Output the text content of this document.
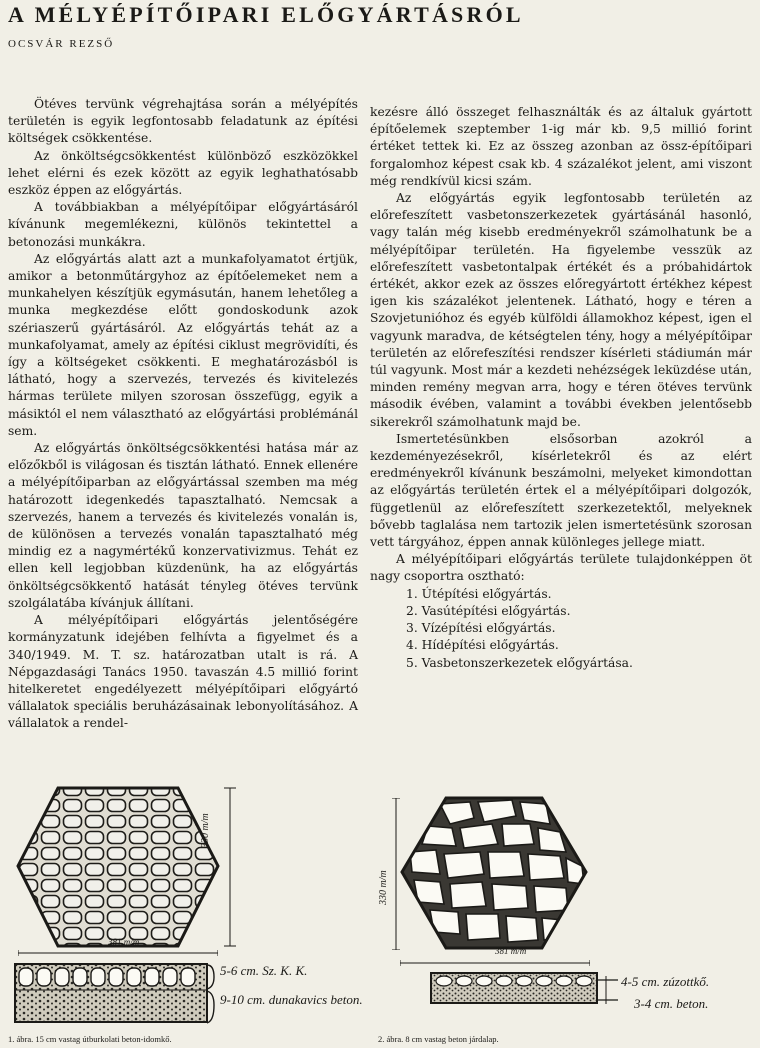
A MÉLYÉPÍTŐIPARI ELŐGYÁRTÁSRÓL
OCSVÁR REZSŐ

Ötéves tervünk végrehajtása során a mélyépítés területén is egyik legfontosabb feladatunk az építési költségek csökkentése.

Az önköltségcsökkentést különböző eszközökkel lehet elérni és ezek között az egyik leghathatósabb eszköz éppen az előgyártás.

A továbbiakban a mélyépítőipar előgyártásáról kívánunk megemlékezni, különös tekintettel a betonozási munkákra.

Az előgyártás alatt azt a munkafolyamatot értjük, amikor a betonműtárgyhoz az építőelemeket nem a munkahelyen készítjük egymásután, hanem lehetőleg a munka megkezdése előtt gondoskodunk azok szériaszerű gyártásáról. Az előgyártás tehát az a munkafolyamat, amely az építési ciklust megrövidíti, és így a költségeket csökkenti. E meghatározásból is látható, hogy a szervezés, tervezés és kivitelezés hármas területe milyen szorosan összefügg, egyik a másiktól el nem választható az előgyártási problémánál sem.

Az előgyártás önköltségcsökkentési hatása már az előzőkből is világosan és tisztán látható. Ennek ellenére a mélyépítőiparban az előgyártással szemben ma még határozott idegenkedés tapasztalható. Nemcsak a szervezés, hanem a tervezés és kivitelezés vonalán is, de különösen a tervezés vonalán tapasztalható még mindig ez a nagymértékű konzervativizmus. Tehát ez ellen kell legjobban küzdenünk, ha az előgyártás önköltségcsökkentő hatását tényleg ötéves tervünk szolgálatába kívánjuk állítani.

A mélyépítőipari előgyártás jelentőségére kormányzatunk idejében felhívta a figyelmet és a 340/1949. M. T. sz. határozatban utalt is rá. A Népgazdasági Tanács 1950. tavaszán 4.5 millió forint hitelkeretet engedélyezett mélyépítőipari előgyártó vállalatok speciális beruházásainak lebonyolításához. A vállalatok a rendel-

kezésre álló összeget felhasználták és az általuk gyártott építőelemek szeptember 1-ig már kb. 9,5 millió forint értéket tettek ki. Ez az összeg azonban az össz-építőipari forgalomhoz képest csak kb. 4 százalékot jelent, ami viszont még rendkívül kicsi szám.

Az előgyártás egyik legfontosabb területén az előrefeszített vasbetonszerkezetek gyártásánál hasonló, vagy talán még kisebb eredményekről számolhatunk be a mélyépítőipar területén. Ha figyelembe vesszük az előrefeszített vasbetontalpak értékét és a próbahidártok értékét, akkor ezek az összes előregyártott értékhez képest igen kis százalékot jelentenek. Látható, hogy e téren a Szovjetunióhoz és egyéb külföldi államokhoz képest, igen el vagyunk maradva, de kétségtelen tény, hogy a mélyépítőipar területén az előrefeszítési rendszer kísérleti stádiumán már túl vagyunk. Most már a kezdeti nehézségek leküzdése után, minden remény megvan arra, hogy e téren ötéves tervünk második évében, valamint a további években jelentősebb sikerekről számolhatunk majd be.

Ismertetésünkben elsősorban azokról a kezdeményezésekről, kísérletekről és az elért eredményekről kívánunk beszámolni, melyeket kimondottan az előgyártás területén értek el a mélyépítőipari dolgozók, függetlenül az előrefeszített szerkezetektől, melyeknek bővebb taglalása nem tartozik jelen ismertetésünk szorosan vett tárgyához, éppen annak különleges jellege miatt.

A mélyépítőipari előgyártás területe tulajdonképpen öt nagy csoportra osztható:

1. Útépítési előgyártás.
2. Vasútépítési előgyártás.
3. Vízépítési előgyártás.
4. Hídépítési előgyártás.
5. Vasbetonszerkezetek előgyártása.
330 m/m
381 m/m
5-6 cm. Sz. K. K.
9-10 cm. dunakavics beton.
1. ábra. 15 cm vastag útburkolati beton-idomkő.
330 m/m
381 m/m
4-5 cm. zúzottkő.
3-4 cm. beton.
2. ábra. 8 cm vastag beton járdalap.
